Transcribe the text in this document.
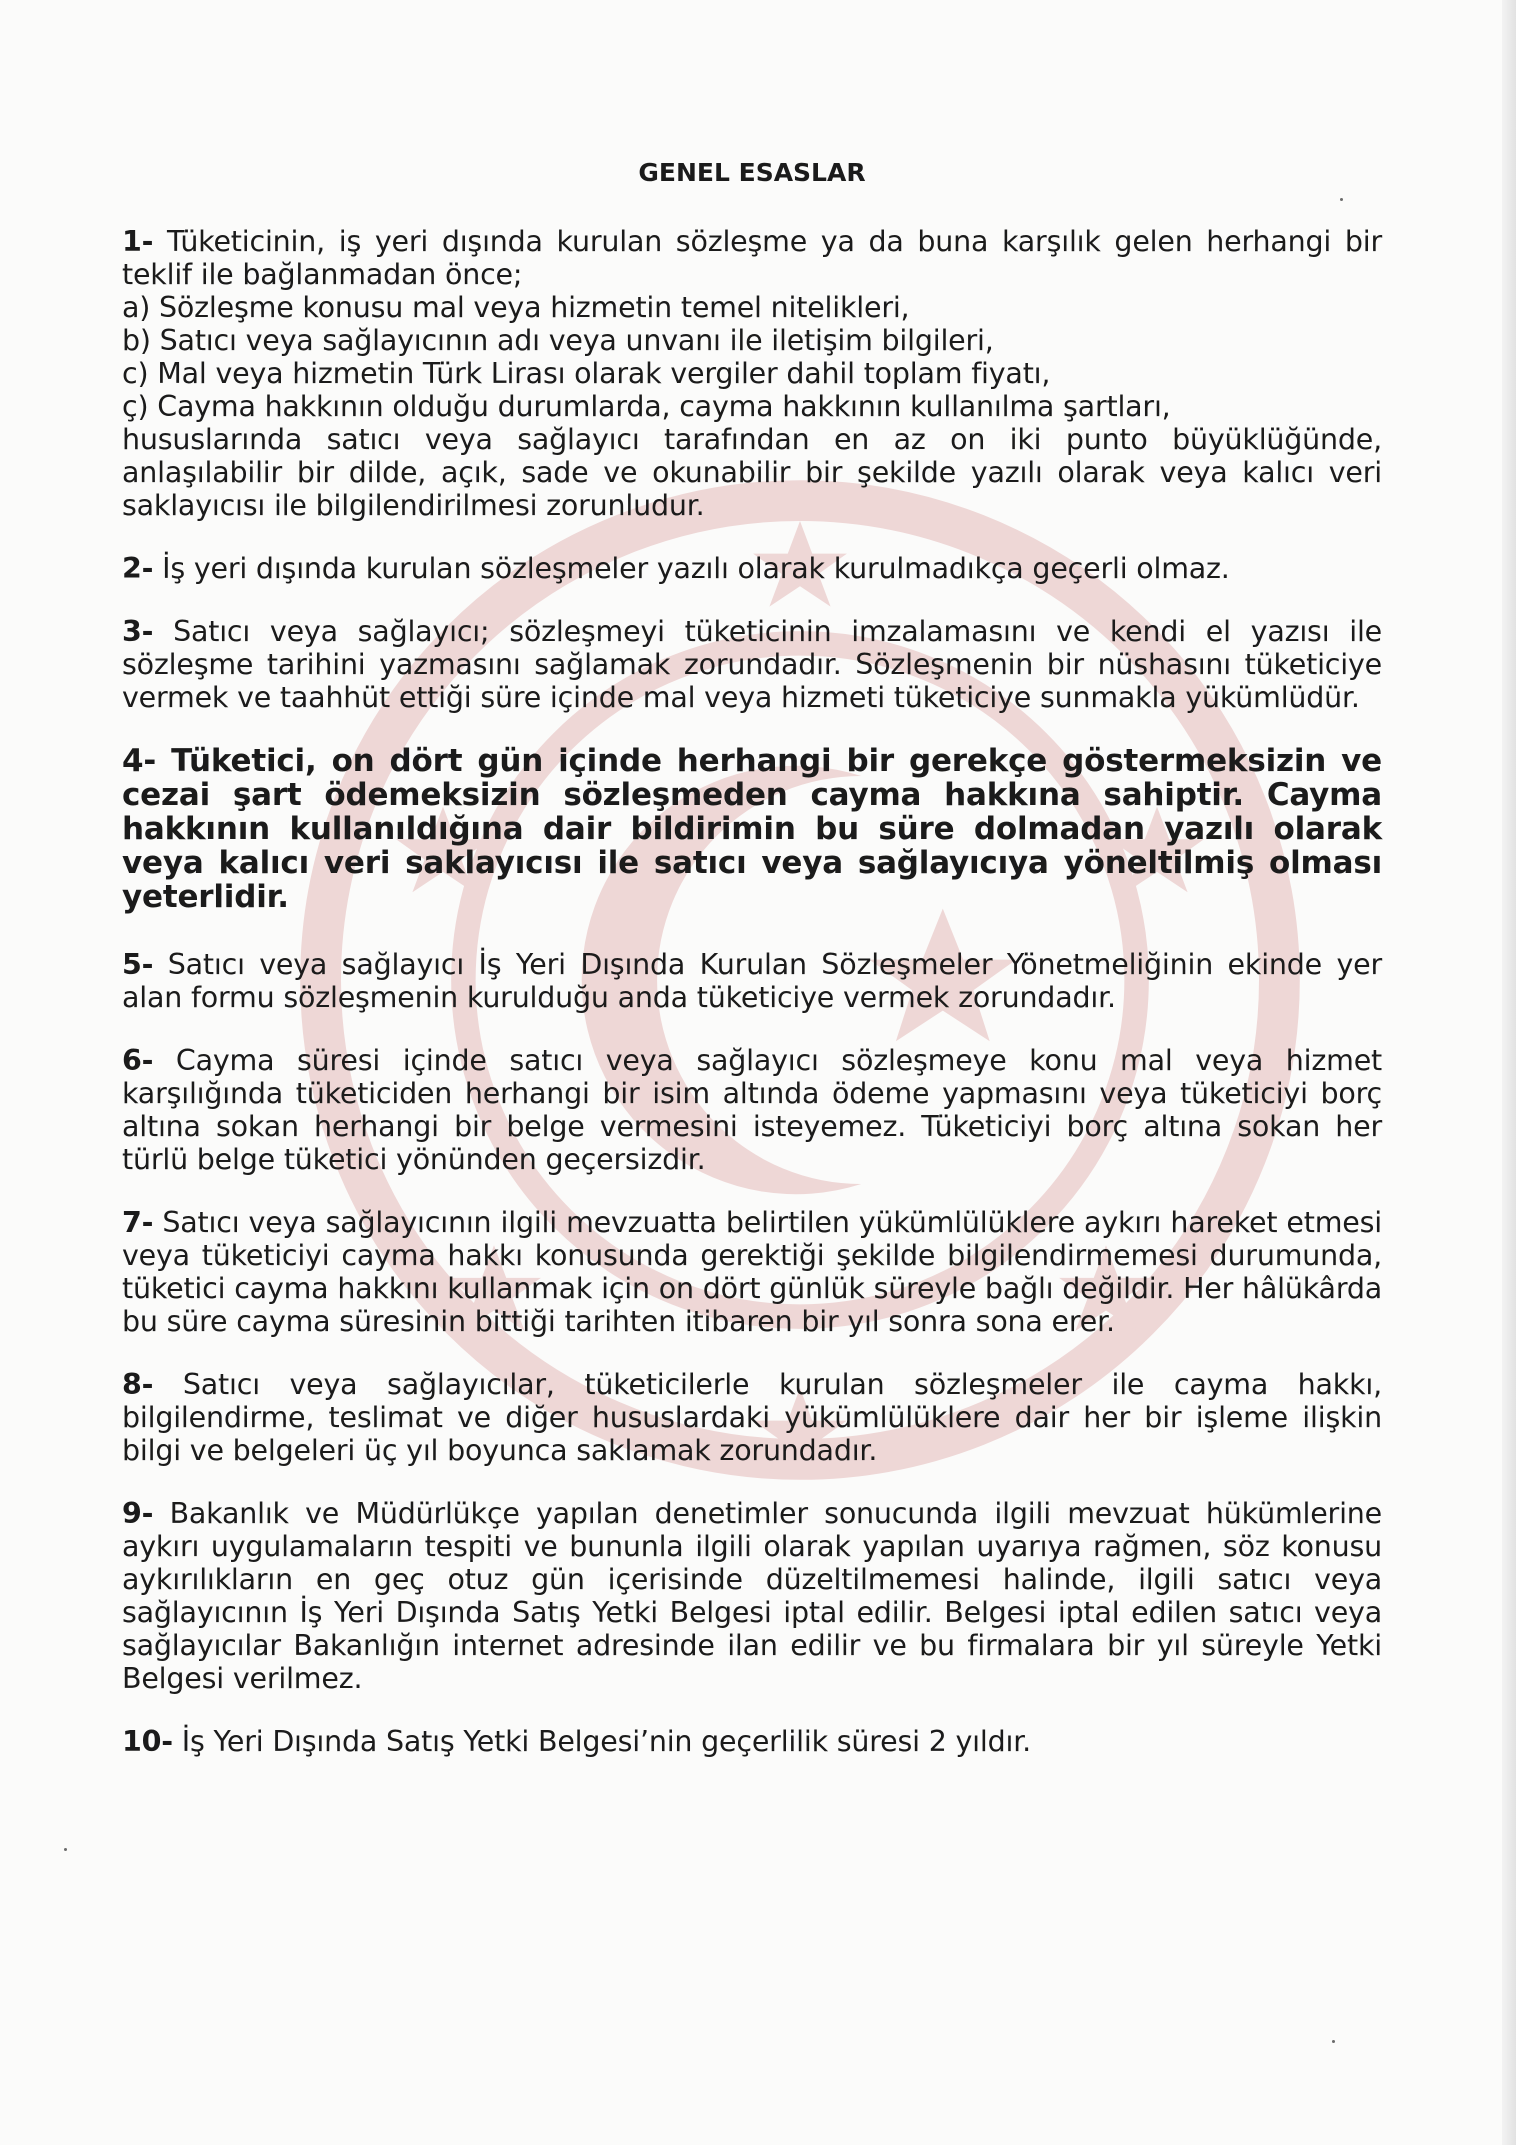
GENEL ESASLAR
1- Tüketicinin, iş yeri dışında kurulan sözleşme ya da buna karşılık gelen herhangi bir teklif ile bağlanmadan önce;
a) Sözleşme konusu mal veya hizmetin temel nitelikleri,
b) Satıcı veya sağlayıcının adı veya unvanı ile iletişim bilgileri,
c) Mal veya hizmetin Türk Lirası olarak vergiler dahil toplam fiyatı,
ç) Cayma hakkının olduğu durumlarda, cayma hakkının kullanılma şartları,
hususlarında satıcı veya sağlayıcı tarafından en az on iki punto büyüklüğünde, anlaşılabilir bir dilde, açık, sade ve okunabilir bir şekilde yazılı olarak veya kalıcı veri saklayıcısı ile bilgilendirilmesi zorunludur.
2- İş yeri dışında kurulan sözleşmeler yazılı olarak kurulmadıkça geçerli olmaz.
3- Satıcı veya sağlayıcı; sözleşmeyi tüketicinin imzalamasını ve kendi el yazısı ile sözleşme tarihini yazmasını sağlamak zorundadır. Sözleşmenin bir nüshasını tüketiciye vermek ve taahhüt ettiği süre içinde mal veya hizmeti tüketiciye sunmakla yükümlüdür.
4- Tüketici, on dört gün içinde herhangi bir gerekçe göstermeksizin ve cezai şart ödemeksizin sözleşmeden cayma hakkına sahiptir. Cayma hakkının kullanıldığına dair bildirimin bu süre dolmadan yazılı olarak veya kalıcı veri saklayıcısı ile satıcı veya sağlayıcıya yöneltilmiş olması yeterlidir.
5- Satıcı veya sağlayıcı İş Yeri Dışında Kurulan Sözleşmeler Yönetmeliğinin ekinde yer alan formu sözleşmenin kurulduğu anda tüketiciye vermek zorundadır.
6- Cayma süresi içinde satıcı veya sağlayıcı sözleşmeye konu mal veya hizmet karşılığında tüketiciden herhangi bir isim altında ödeme yapmasını veya tüketiciyi borç altına sokan herhangi bir belge vermesini isteyemez. Tüketiciyi borç altına sokan her türlü belge tüketici yönünden geçersizdir.
7- Satıcı veya sağlayıcının ilgili mevzuatta belirtilen yükümlülüklere aykırı hareket etmesi veya tüketiciyi cayma hakkı konusunda gerektiği şekilde bilgilendirmemesi durumunda, tüketici cayma hakkını kullanmak için on dört günlük süreyle bağlı değildir. Her hâlükârda bu süre cayma süresinin bittiği tarihten itibaren bir yıl sonra sona erer.
8- Satıcı veya sağlayıcılar, tüketicilerle kurulan sözleşmeler ile cayma hakkı, bilgilendirme, teslimat ve diğer hususlardaki yükümlülüklere dair her bir işleme ilişkin bilgi ve belgeleri üç yıl boyunca saklamak zorundadır.
9- Bakanlık ve Müdürlükçe yapılan denetimler sonucunda ilgili mevzuat hükümlerine aykırı uygulamaların tespiti ve bununla ilgili olarak yapılan uyarıya rağmen, söz konusu aykırılıkların en geç otuz gün içerisinde düzeltilmemesi halinde, ilgili satıcı veya sağlayıcının İş Yeri Dışında Satış Yetki Belgesi iptal edilir. Belgesi iptal edilen satıcı veya sağlayıcılar Bakanlığın internet adresinde ilan edilir ve bu firmalara bir yıl süreyle Yetki Belgesi verilmez.
10- İş Yeri Dışında Satış Yetki Belgesi’nin geçerlilik süresi 2 yıldır.
